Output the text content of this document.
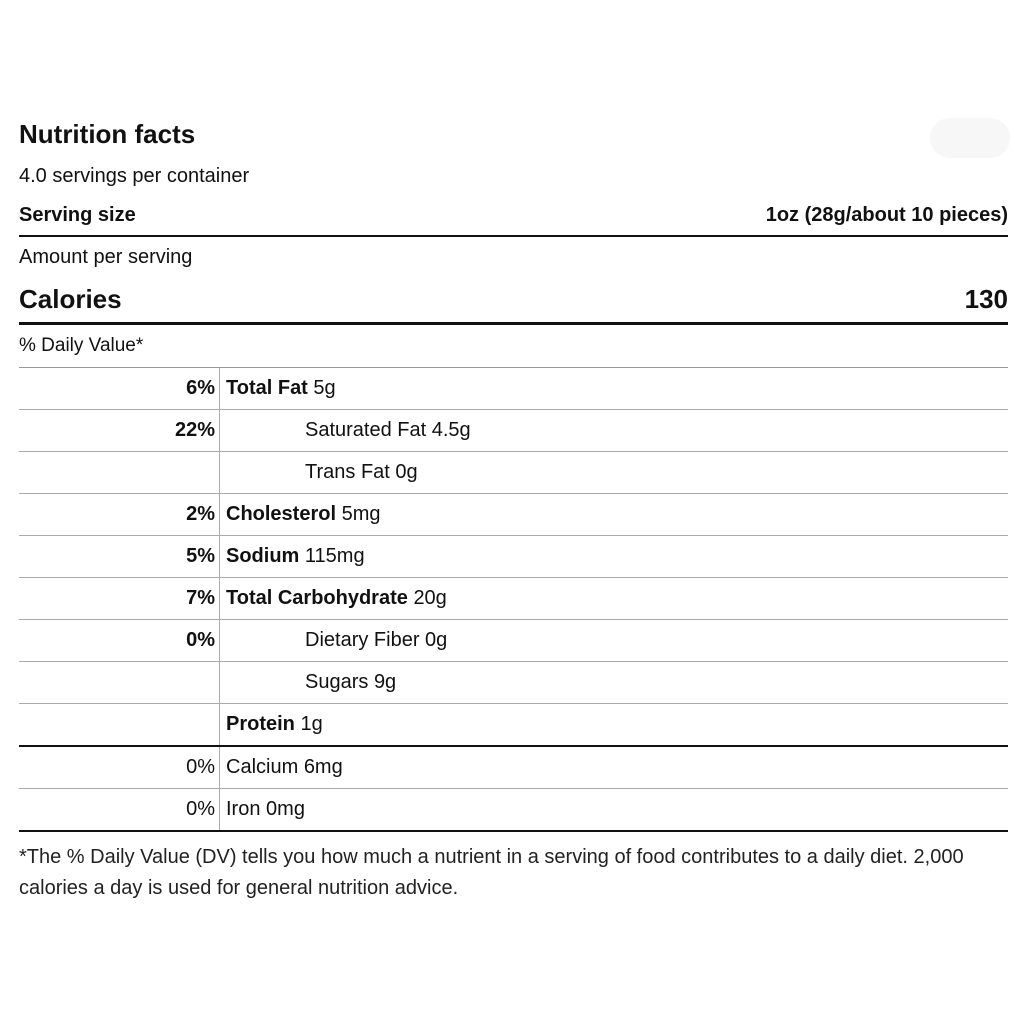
Nutrition facts
4.0 servings per container
Serving size	1oz (28g/about 10 pieces)
Amount per serving
Calories	130
% Daily Value*
6%	Total Fat 5g
22%	Saturated Fat 4.5g
	Trans Fat 0g
2%	Cholesterol 5mg
5%	Sodium 115mg
7%	Total Carbohydrate 20g
0%	Dietary Fiber 0g
	Sugars 9g
	Protein 1g
0%	Calcium 6mg
0%	Iron 0mg
*The % Daily Value (DV) tells you how much a nutrient in a serving of food contributes to a daily diet. 2,000 calories a day is used for general nutrition advice.
